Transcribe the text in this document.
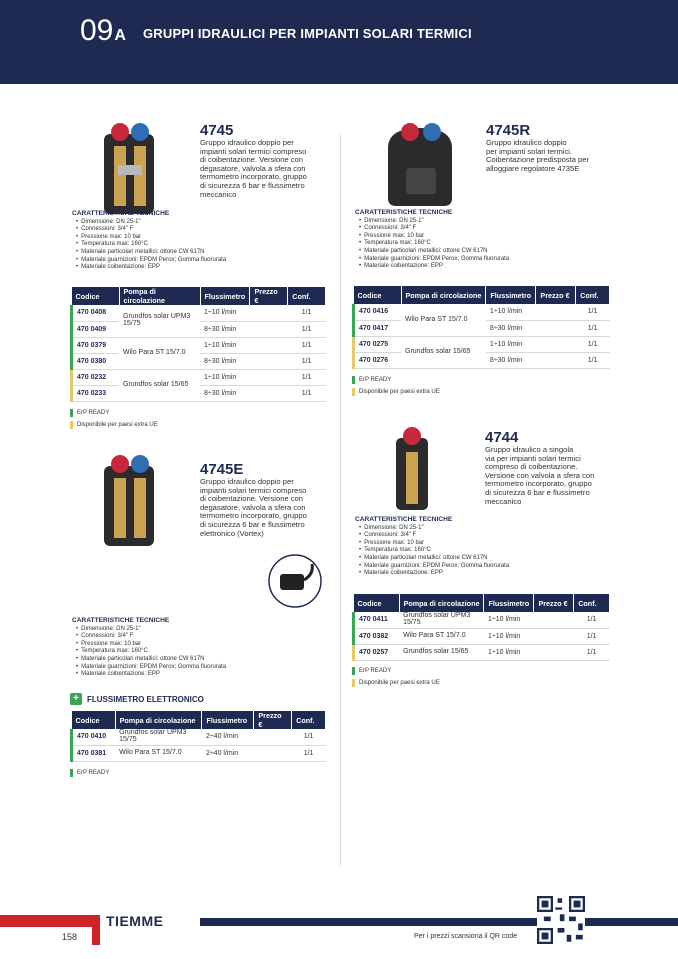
09A GRUPPI IDRAULICI PER IMPIANTI SOLARI TERMICI
4745
Gruppo idraulico doppio per
impianti solari termici compreso
di coibentazione. Versione con
degasatore, valvola a sfera con
termometro incorporato, gruppo
di sicurezza 6 bar e flussimetro
meccanico
CARATTERISTICHE TECNICHE
• Dimensione: DN 25-1"
• Connessioni: 3/4" F
• Pressione max: 10 bar
• Temperatura max: 160°C
• Materiale particolari metallici: ottone CW 617N
• Materiale guarnizioni: EPDM Perox; Gomma fluorurata
• Materiale coibentazione: EPP
Codice	Pompa di circolazione	Flussimetro	Prezzo €	Conf.
470 0408	Grundfos solar UPM3 15/75	1÷10 l/min		1/1
470 0409		8÷30 l/min		1/1
470 0379	Wilo Para ST 15/7.0	1÷10 l/min		1/1
470 0380		8÷30 l/min		1/1
470 0232	Grundfos solar 15/65	1÷10 l/min		1/1
470 0233		8÷30 l/min		1/1
ErP READY
Disponibile per paesi extra UE
4745R
Gruppo idraulico doppio
per impianti solari termici.
Coibentazione predisposta per
alloggiare regolatore 4735E
CARATTERISTICHE TECNICHE
• Dimensione: DN 25-1"
• Connessioni: 3/4" F
• Pressione max: 10 bar
• Temperatura max: 160°C
• Materiale particolari metallici: ottone CW 617N
• Materiale guarnizioni: EPDM Perox; Gomma fluorurata
• Materiale coibentazione: EPP
Codice	Pompa di circolazione	Flussimetro	Prezzo €	Conf.
470 0416	Wilo Para ST 15/7.0	1÷10 l/min		1/1
470 0417		8÷30 l/min		1/1
470 0275	Grundfos solar 15/65	1÷10 l/min		1/1
470 0276		8÷30 l/min		1/1
ErP READY
Disponibile per paesi extra UE
4745E
Gruppo idraulico doppio per
impianti solari termici compreso
di coibentazione. Versione con
degasatore, valvola a sfera con
termometro incorporato, gruppo
di sicurezza 6 bar e flussimetro
elettronico (Vortex)
CARATTERISTICHE TECNICHE
• Dimensione: DN 25-1"
• Connessioni: 3/4" F
• Pressione max: 10 bar
• Temperatura max: 160°C
• Materiale particolari metallici: ottone CW 617N
• Materiale guarnizioni: EPDM Perox; Gomma fluorurata
• Materiale coibentazione: EPP
+	FLUSSIMETRO ELETTRONICO
Codice	Pompa di circolazione	Flussimetro	Prezzo €	Conf.
470 0410	Grundfos solar UPM3 15/75	2÷40 l/min		1/1
470 0381	Wilo Para ST 15/7.0	2÷40 l/min		1/1
ErP READY
4744
Gruppo idraulico a singola
via per impianti solari termici
compreso di coibentazione.
Versione con valvola a sfera con
termometro incorporato, gruppo
di sicurezza 6 bar e flussimetro
meccanico
CARATTERISTICHE TECNICHE
• Dimensione: DN 25-1"
• Connessioni: 3/4" F
• Pressione max: 10 bar
• Temperatura max: 160°C
• Materiale particolari metallici: ottone CW 617N
• Materiale guarnizioni: EPDM Perox; Gomma fluorurata
• Materiale coibentazione: EPP
Codice	Pompa di circolazione	Flussimetro	Prezzo €	Conf.
470 0411	Grundfos solar UPM3 15/75	1÷10 l/min		1/1
470 0382	Wilo Para ST 15/7.0	1÷10 l/min		1/1
470 0257	Grundfos solar 15/65	1÷10 l/min		1/1
ErP READY
Disponibile per paesi extra UE
TIEMME
158	Per i prezzi scansiona il QR code
